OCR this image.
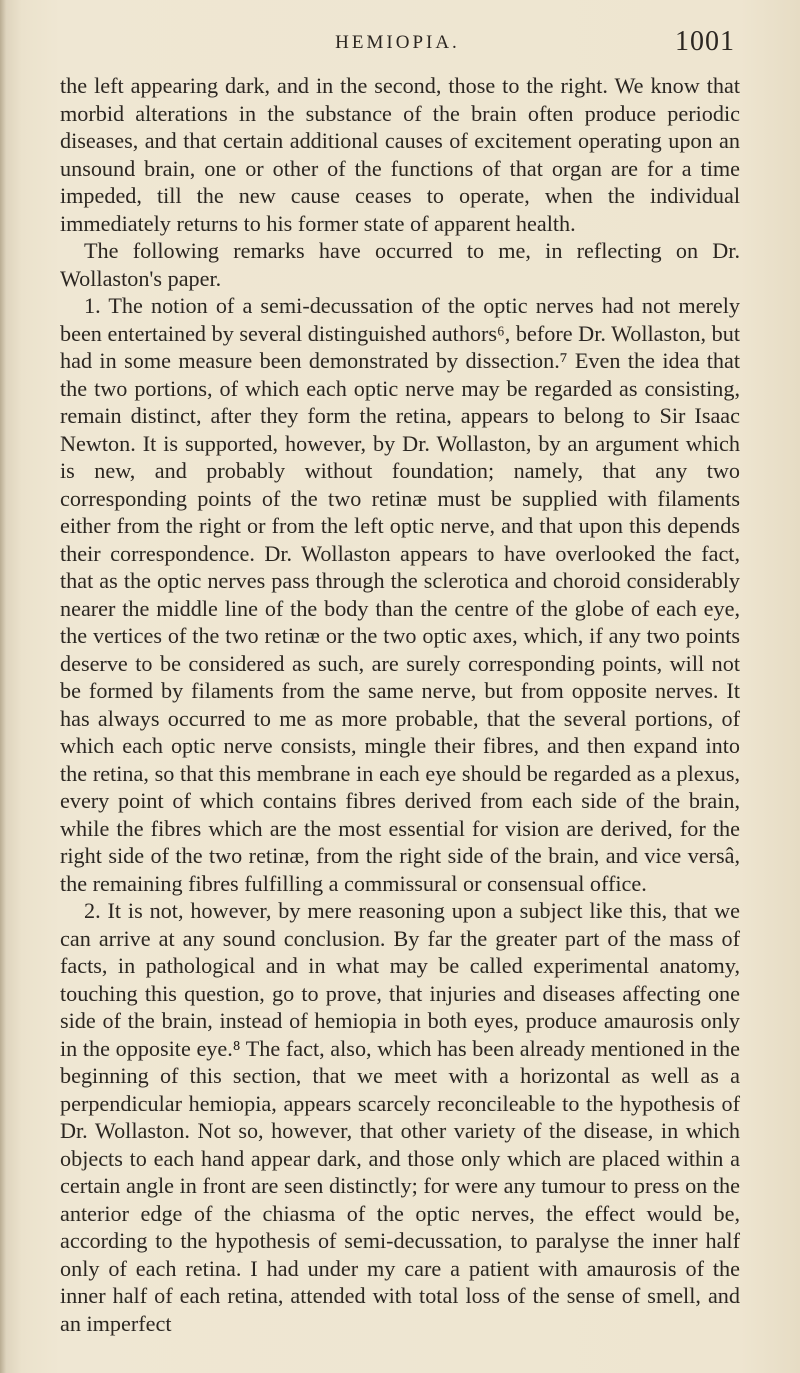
HEMIOPIA.	1001

the left appearing dark, and in the second, those to the right. We know that morbid alterations in the substance of the brain often produce periodic diseases, and that certain additional causes of excitement operating upon an unsound brain, one or other of the functions of that organ are for a time impeded, till the new cause ceases to operate, when the individual immediately returns to his former state of apparent health.

The following remarks have occurred to me, in reflecting on Dr. Wollaston's paper.

1. The notion of a semi-decussation of the optic nerves had not merely been entertained by several distinguished authors⁶, before Dr. Wollaston, but had in some measure been demonstrated by dissection.⁷ Even the idea that the two portions, of which each optic nerve may be regarded as consisting, remain distinct, after they form the retina, appears to belong to Sir Isaac Newton. It is supported, however, by Dr. Wollaston, by an argument which is new, and probably without foundation; namely, that any two corresponding points of the two retinæ must be supplied with filaments either from the right or from the left optic nerve, and that upon this depends their correspondence. Dr. Wollaston appears to have overlooked the fact, that as the optic nerves pass through the sclerotica and choroid considerably nearer the middle line of the body than the centre of the globe of each eye, the vertices of the two retinæ or the two optic axes, which, if any two points deserve to be considered as such, are surely corresponding points, will not be formed by filaments from the same nerve, but from opposite nerves. It has always occurred to me as more probable, that the several portions, of which each optic nerve consists, mingle their fibres, and then expand into the retina, so that this membrane in each eye should be regarded as a plexus, every point of which contains fibres derived from each side of the brain, while the fibres which are the most essential for vision are derived, for the right side of the two retinæ, from the right side of the brain, and vice versâ, the remaining fibres fulfilling a commissural or consensual office.

2. It is not, however, by mere reasoning upon a subject like this, that we can arrive at any sound conclusion. By far the greater part of the mass of facts, in pathological and in what may be called experimental anatomy, touching this question, go to prove, that injuries and diseases affecting one side of the brain, instead of hemiopia in both eyes, produce amaurosis only in the opposite eye.⁸ The fact, also, which has been already mentioned in the beginning of this section, that we meet with a horizontal as well as a perpendicular hemiopia, appears scarcely reconcileable to the hypothesis of Dr. Wollaston. Not so, however, that other variety of the disease, in which objects to each hand appear dark, and those only which are placed within a certain angle in front are seen distinctly; for were any tumour to press on the anterior edge of the chiasma of the optic nerves, the effect would be, according to the hypothesis of semi-decussation, to paralyse the inner half only of each retina. I had under my care a patient with amaurosis of the inner half of each retina, attended with total loss of the sense of smell, and an imperfect
